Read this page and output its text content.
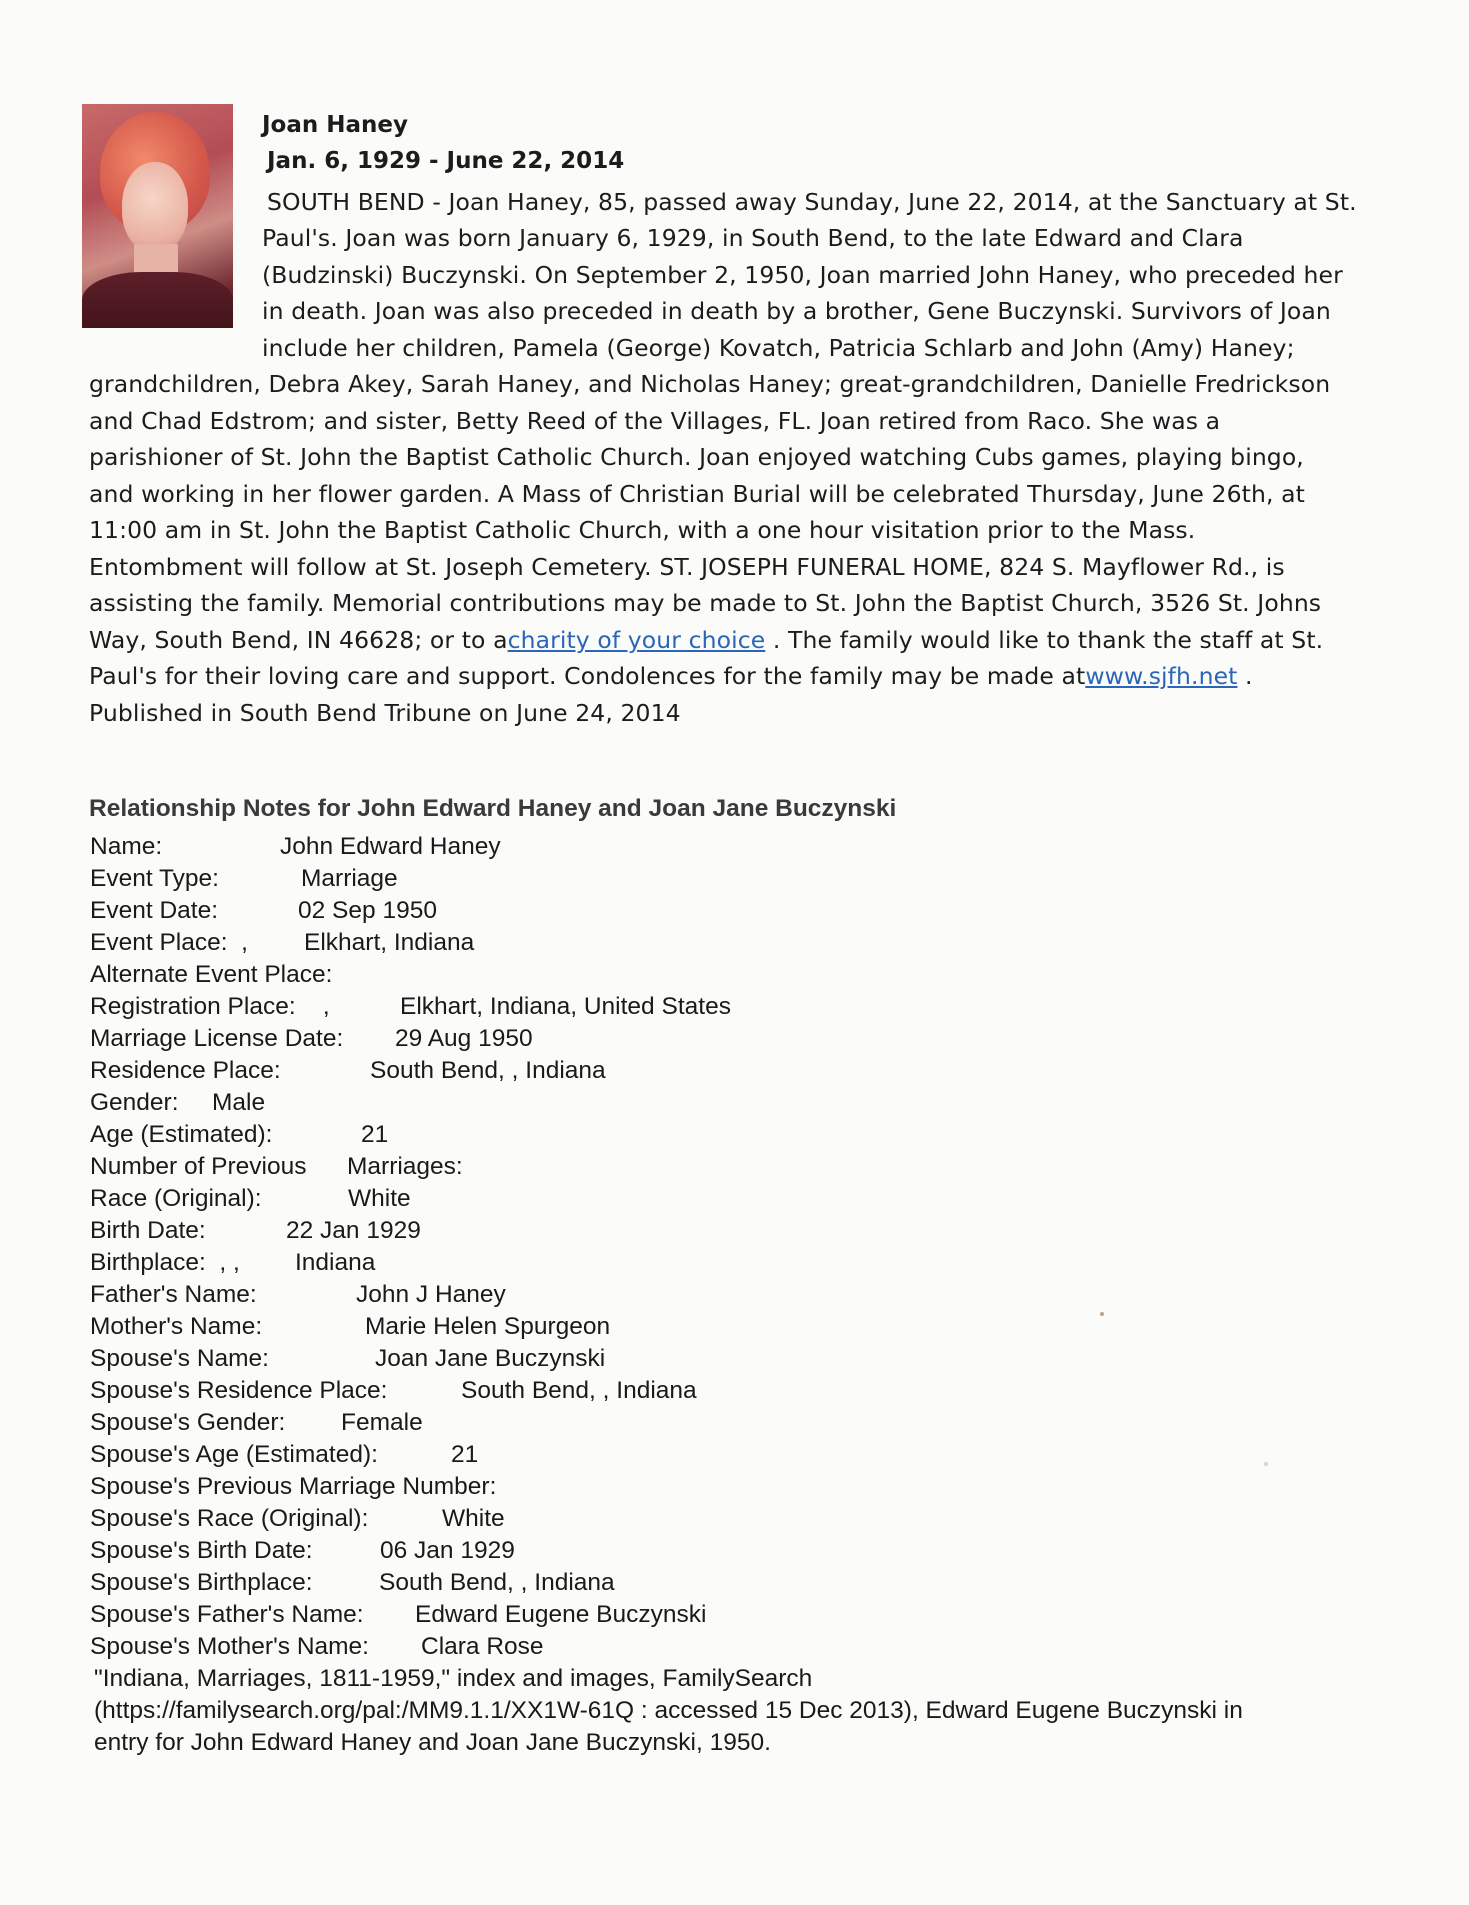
Joan Haney
Jan. 6, 1929 - June 22, 2014
SOUTH BEND - Joan Haney, 85, passed away Sunday, June 22, 2014, at the Sanctuary at St.
Paul's. Joan was born January 6, 1929, in South Bend, to the late Edward and Clara
(Budzinski) Buczynski. On September 2, 1950, Joan married John Haney, who preceded her
in death. Joan was also preceded in death by a brother, Gene Buczynski. Survivors of Joan
include her children, Pamela (George) Kovatch, Patricia Schlarb and John (Amy) Haney;
grandchildren, Debra Akey, Sarah Haney, and Nicholas Haney; great-grandchildren, Danielle Fredrickson
and Chad Edstrom; and sister, Betty Reed of the Villages, FL. Joan retired from Raco. She was a
parishioner of St. John the Baptist Catholic Church. Joan enjoyed watching Cubs games, playing bingo,
and working in her flower garden. A Mass of Christian Burial will be celebrated Thursday, June 26th, at
11:00 am in St. John the Baptist Catholic Church, with a one hour visitation prior to the Mass.
Entombment will follow at St. Joseph Cemetery. ST. JOSEPH FUNERAL HOME, 824 S. Mayflower Rd., is
assisting the family. Memorial contributions may be made to St. John the Baptist Church, 3526 St. Johns
Way, South Bend, IN 46628; or to acharity of your choice . The family would like to thank the staff at St.
Paul's for their loving care and support. Condolences for the family may be made atwww.sjfh.net .
Published in South Bend Tribune on June 24, 2014
Relationship Notes for John Edward Haney and Joan Jane Buczynski
Name:	John Edward Haney
Event Type:	Marriage
Event Date:	02 Sep 1950
Event Place:  , Elkhart, Indiana
Alternate Event Place:
Registration Place:    ,	Elkhart, Indiana, United States
Marriage License Date: 29 Aug 1950
Residence Place:	South Bend, , Indiana
Gender: Male
Age (Estimated):	21
Number of Previous Marriages:
Race (Original):	White
Birth Date:	22 Jan 1929
Birthplace:  , , Indiana
Father's Name:	John J Haney
Mother's Name:	Marie Helen Spurgeon
Spouse's Name:	Joan Jane Buczynski
Spouse's Residence Place:	South Bend, , Indiana
Spouse's Gender: Female
Spouse's Age (Estimated):	21
Spouse's Previous Marriage Number:
Spouse's Race (Original):	White
Spouse's Birth Date:	06 Jan 1929
Spouse's Birthplace:	South Bend, , Indiana
Spouse's Father's Name: Edward Eugene Buczynski
Spouse's Mother's Name: Clara Rose
"Indiana, Marriages, 1811-1959," index and images, FamilySearch
(https://familysearch.org/pal:/MM9.1.1/XX1W-61Q : accessed 15 Dec 2013), Edward Eugene Buczynski in
entry for John Edward Haney and Joan Jane Buczynski, 1950.
